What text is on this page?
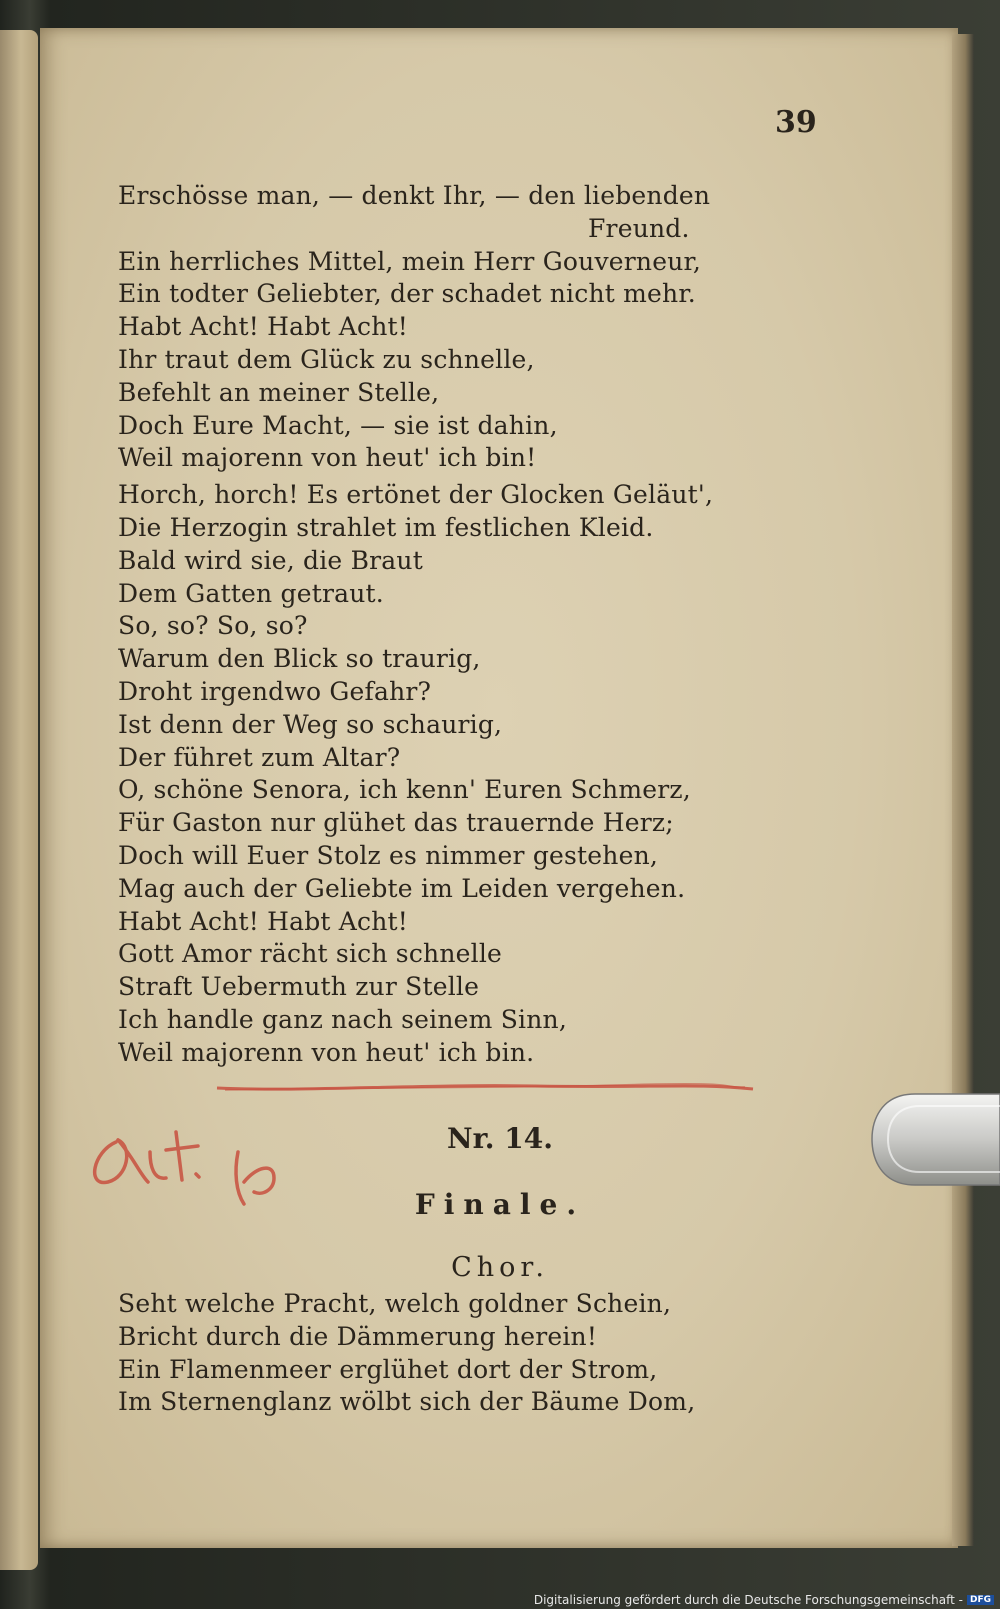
39
Erschösse man, — denkt Ihr, — den liebenden
Freund.
Ein herrliches Mittel, mein Herr Gouverneur,
Ein todter Geliebter, der schadet nicht mehr.
Habt Acht! Habt Acht!
Ihr traut dem Glück zu schnelle,
Befehlt an meiner Stelle,
Doch Eure Macht, — sie ist dahin,
Weil majorenn von heut' ich bin!
Horch, horch! Es ertönet der Glocken Geläut',
Die Herzogin strahlet im festlichen Kleid.
Bald wird sie, die Braut
Dem Gatten getraut.
So, so? So, so?
Warum den Blick so traurig,
Droht irgendwo Gefahr?
Ist denn der Weg so schaurig,
Der führet zum Altar?
O, schöne Senora, ich kenn' Euren Schmerz,
Für Gaston nur glühet das trauernde Herz;
Doch will Euer Stolz es nimmer gestehen,
Mag auch der Geliebte im Leiden vergehen.
Habt Acht! Habt Acht!
Gott Amor rächt sich schnelle
Straft Uebermuth zur Stelle
Ich handle ganz nach seinem Sinn,
Weil majorenn von heut' ich bin.
Nr. 14.
Finale.
Chor.
Seht welche Pracht, welch goldner Schein,
Bricht durch die Dämmerung herein!
Ein Flamenmeer erglühet dort der Strom,
Im Sternenglanz wölbt sich der Bäume Dom,
Digitalisierung gefördert durch die Deutsche Forschungsgemeinschaft - DFG
